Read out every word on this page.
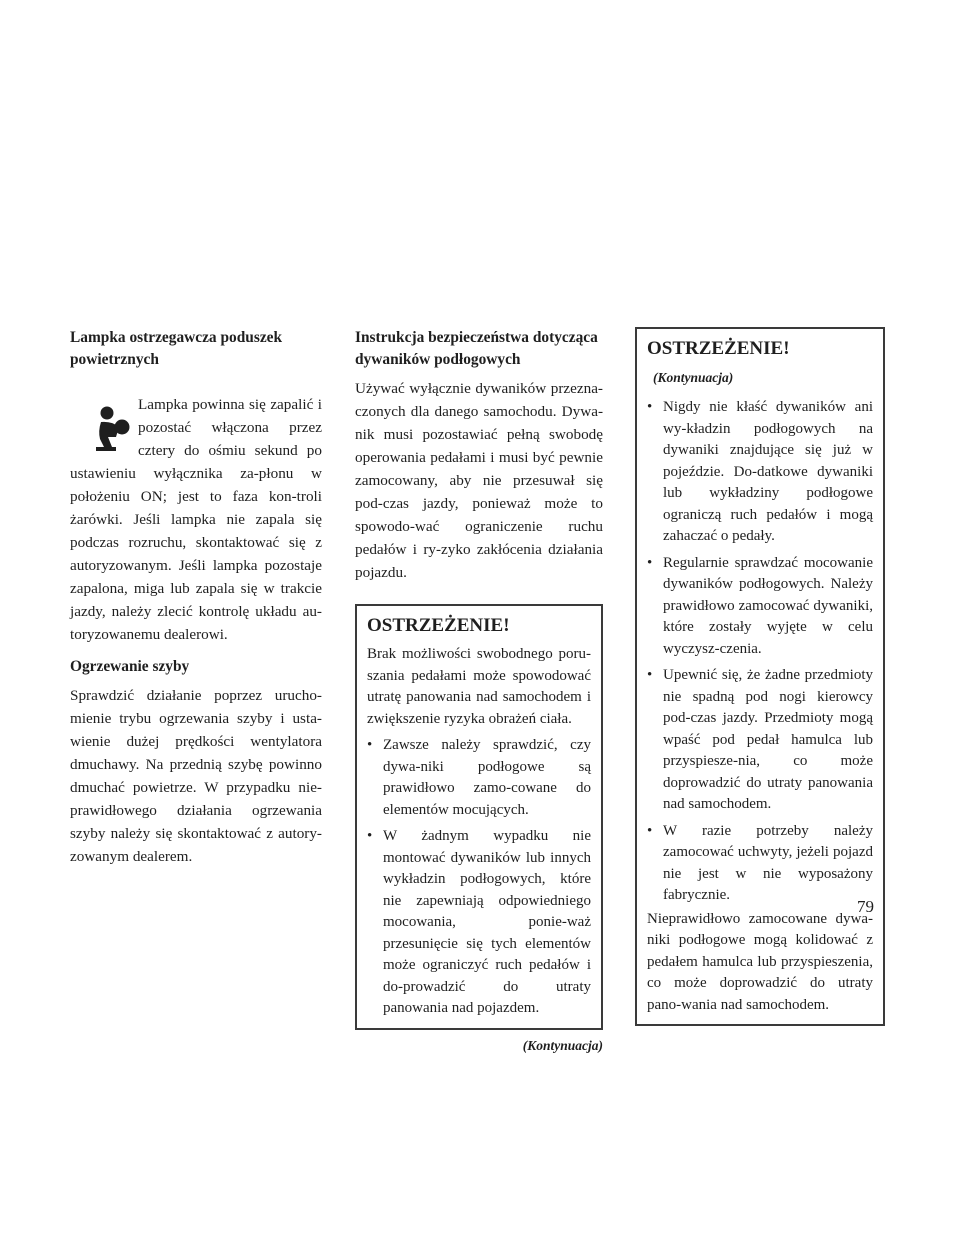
Lampka ostrzegawcza poduszek powietrznych

Lampka powinna się zapalić i pozostać włączona przez cztery do ośmiu sekund po ustawieniu wyłącznika za-płonu w położeniu ON; jest to faza kon-troli żarówki. Jeśli lampka nie zapala się podczas rozruchu, skontaktować się z autoryzowanym. Jeśli lampka pozostaje zapalona, miga lub zapala się w trakcie jazdy, należy zlecić kontrolę układu au-toryzowanemu dealerowi.

Ogrzewanie szyby

Sprawdzić działanie poprzez urucho-mienie trybu ogrzewania szyby i usta-wienie dużej prędkości wentylatora dmuchawy. Na przednią szybę powinno dmuchać powietrze. W przypadku nie-prawidłowego działania ogrzewania szyby należy się skontaktować z autory-zowanym dealerem.

Instrukcja bezpieczeństwa dotycząca dywaników podłogowych

Używać wyłącznie dywaników przezna-czonych dla danego samochodu. Dywa-nik musi pozostawiać pełną swobodę operowania pedałami i musi być pewnie zamocowany, aby nie przesuwał się pod-czas jazdy, ponieważ może to spowodo-wać ograniczenie ruchu pedałów i ry-zyko zakłócenia działania pojazdu.

OSTRZEŻENIE!

Brak możliwości swobodnego poru-szania pedałami może spowodować utratę panowania nad samochodem i zwiększenie ryzyka obrażeń ciała.

• Zawsze należy sprawdzić, czy dywa-niki podłogowe są prawidłowo zamo-cowane do elementów mocujących.
• W żadnym wypadku nie montować dywaników lub innych wykładzin podłogowych, które nie zapewniają odpowiedniego mocowania, ponie-waż przesunięcie się tych elementów może ograniczyć ruch pedałów i do-prowadzić do utraty panowania nad pojazdem.
(Kontynuacja)
OSTRZEŻENIE!(Kontynuacja)
• Nigdy nie kłaść dywaników ani wy-kładzin podłogowych na dywaniki znajdujące się już w pojeździe. Do-datkowe dywaniki lub wykładziny podłogowe ograniczą ruch pedałów i mogą zahaczać o pedały.
• Regularnie sprawdzać mocowanie dywaników podłogowych. Należy prawidłowo zamocować dywaniki, które zostały wyjęte w celu wyczysz-czenia.
• Upewnić się, że żadne przedmioty nie spadną pod nogi kierowcy pod-czas jazdy. Przedmioty mogą wpaść pod pedał hamulca lub przyspiesze-nia, co może doprowadzić do utraty panowania nad samochodem.
• W razie potrzeby należy zamocować uchwyty, jeżeli pojazd nie jest w nie wyposażony fabrycznie.

Nieprawidłowo zamocowane dywa-niki podłogowe mogą kolidować z pedałem hamulca lub przyspieszenia, co może doprowadzić do utraty pano-wania nad samochodem.

79
